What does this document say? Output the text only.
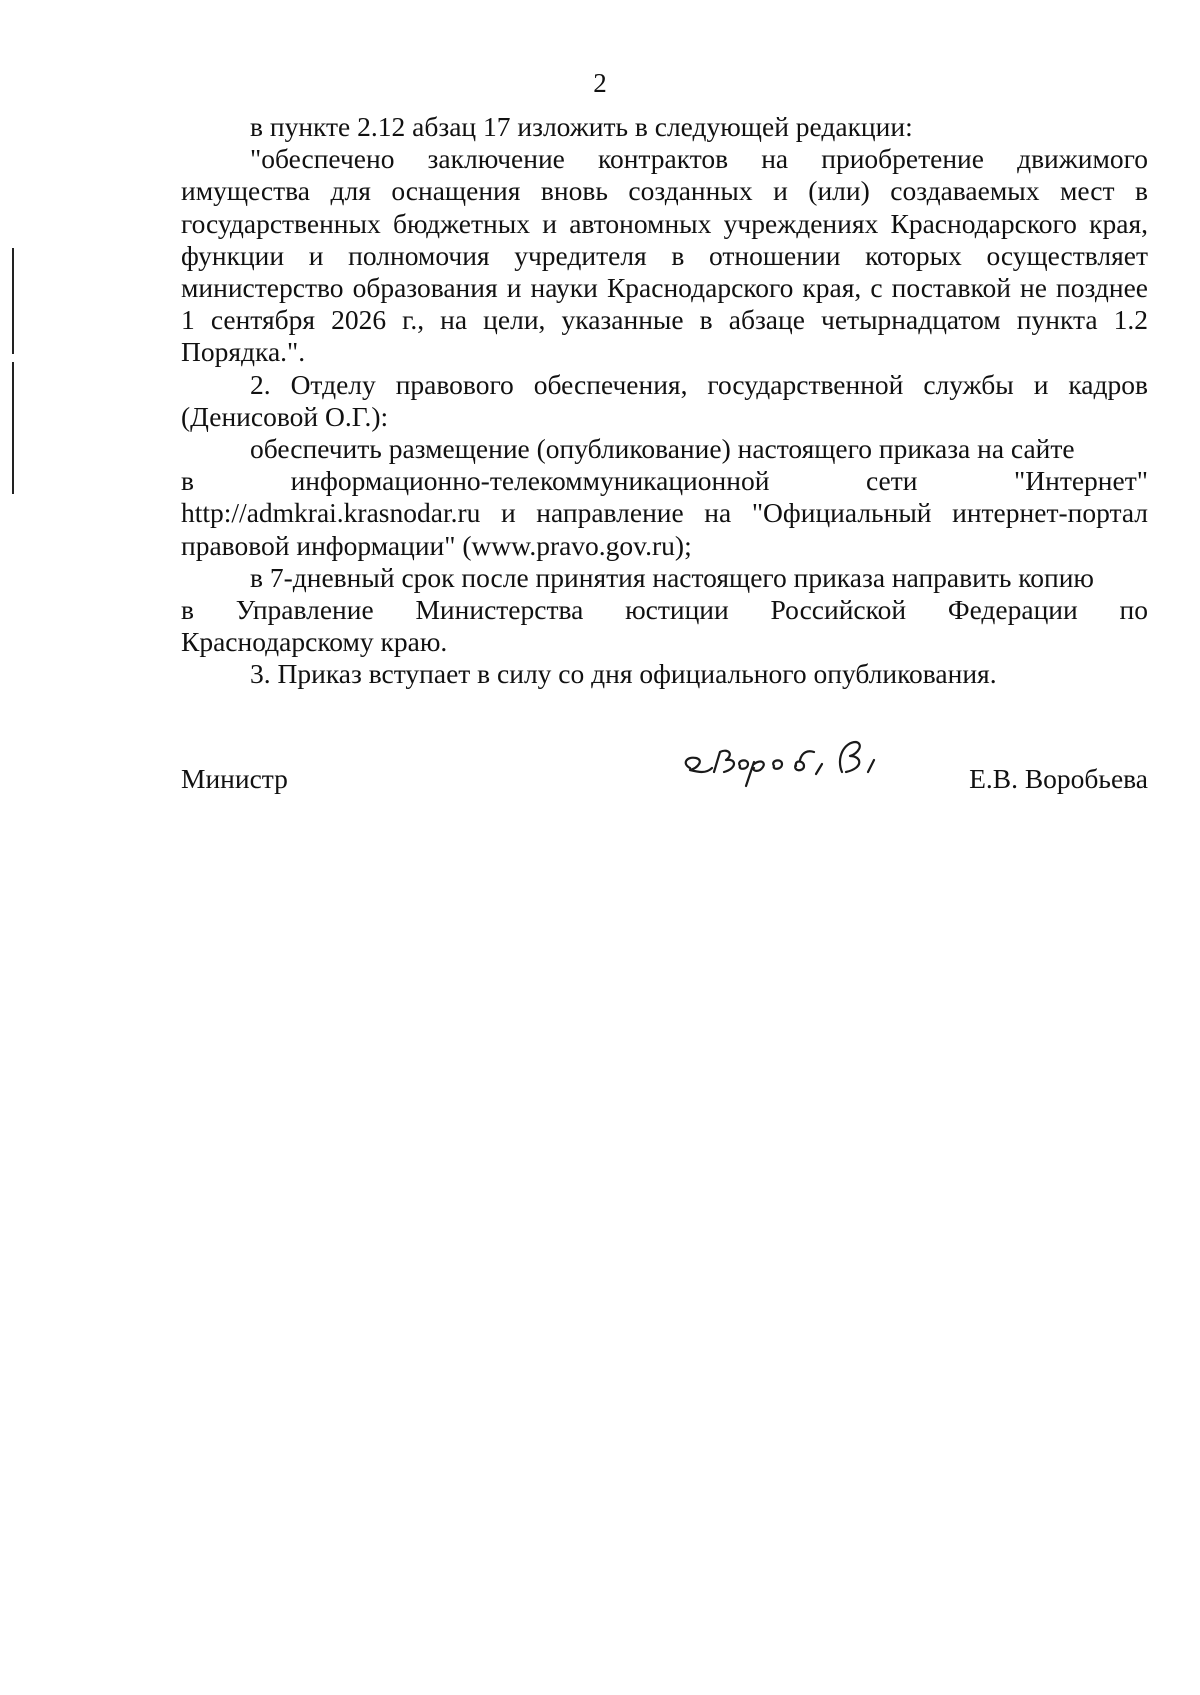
2

в пункте 2.12 абзац 17 изложить в следующей редакции:

"обеспечено заключение контрактов на приобретение движимого имущества для оснащения вновь созданных и (или) создаваемых мест в государственных бюджетных и автономных учреждениях Краснодарского края, функции и полномочия учредителя в отношении которых осуществляет министерство образования и науки Краснодарского края, с поставкой не позднее 1 сентября 2026 г., на цели, указанные в абзаце четырнадцатом пункта 1.2 Порядка.".

2. Отделу правового обеспечения, государственной службы и кадров (Денисовой О.Г.):

обеспечить размещение (опубликование) настоящего приказа на сайте

в	информационно-телекоммуникационной	сети	"Интернет"

http://admkrai.krasnodar.ru и направление на "Официальный интернет-портал правовой информации" (www.pravo.gov.ru);

в 7-дневный срок после принятия настоящего приказа направить копию

в Управление Министерства юстиции Российской Федерации по

Краснодарскому краю.

3. Приказ вступает в силу со дня официального опубликования.

Министр	Е.В. Воробьева
